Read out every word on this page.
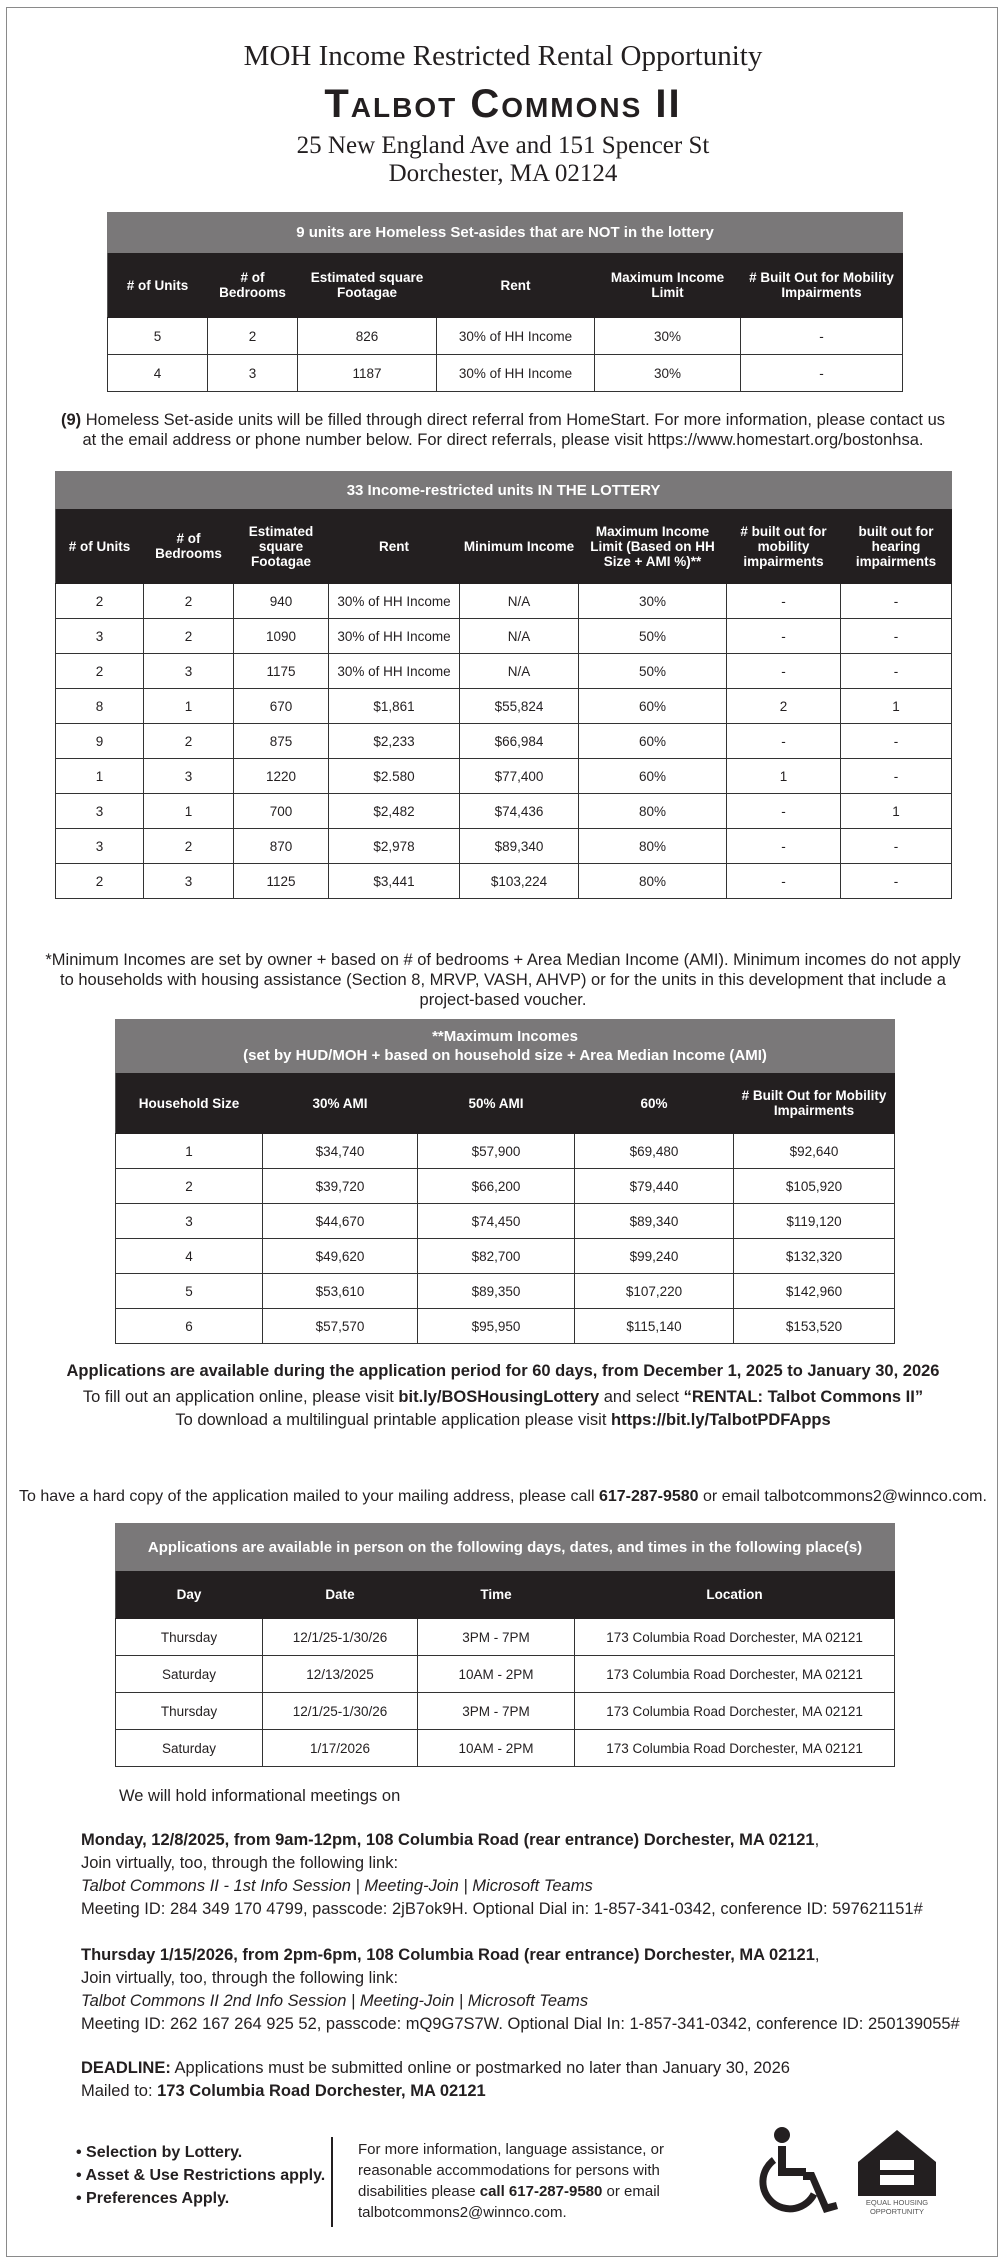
MOH Income Restricted Rental Opportunity
Talbot Commons II
25 New England Ave and 151 Spencer St
Dorchester, MA 02124
9 units are Homeless Set-asides that are NOT in the lottery					
# of Units	# of Bedrooms	Estimated square Footagae	Rent	Maximum Income Limit	# Built Out for Mobility Impairments
5	2	826	30% of HH Income	30%	-
4	3	1187	30% of HH Income	30%	-
(9) Homeless Set-aside units will be filled through direct referral from HomeStart. For more information, please contact us at the email address or phone number below. For direct referrals, please visit https://www.homestart.org/bostonhsa.
33 Income-restricted units IN THE LOTTERY							
# of Units	# of Bedrooms	Estimated square Footagae	Rent	Minimum Income	Maximum Income Limit (Based on HH Size + AMI %)**	# built out for mobility impairments	built out for hearing impairments
2	2	940	30% of HH Income	N/A	30%	-	-
3	2	1090	30% of HH Income	N/A	50%	-	-
2	3	1175	30% of HH Income	N/A	50%	-	-
8	1	670	$1,861	$55,824	60%	2	1
9	2	875	$2,233	$66,984	60%	-	-
1	3	1220	$2.580	$77,400	60%	1	-
3	1	700	$2,482	$74,436	80%	-	1
3	2	870	$2,978	$89,340	80%	-	-
2	3	1125	$3,441	$103,224	80%	-	-
*Minimum Incomes are set by owner + based on # of bedrooms + Area Median Income (AMI). Minimum incomes do not apply to households with housing assistance (Section 8, MRVP, VASH, AHVP) or for the units in this development that include a project-based voucher.
**Maximum Incomes
(set by HUD/MOH + based on household size + Area Median Income (AMI)				

Household Size	30% AMI	50% AMI	60%	# Built Out for Mobility Impairments
1	$34,740	$57,900	$69,480	$92,640
2	$39,720	$66,200	$79,440	$105,920
3	$44,670	$74,450	$89,340	$119,120
4	$49,620	$82,700	$99,240	$132,320
5	$53,610	$89,350	$107,220	$142,960
6	$57,570	$95,950	$115,140	$153,520
Applications are available during the application period for 60 days, from December 1, 2025 to January 30, 2026
To fill out an application online, please visit bit.ly/BOSHousingLottery and select “RENTAL: Talbot Commons II”
To download a multilingual printable application please visit https://bit.ly/TalbotPDFApps
To have a hard copy of the application mailed to your mailing address, please call 617-287-9580 or email talbotcommons2@winnco.com.
Applications are available in person on the following days, dates, and times in the following place(s)			
Day	Date	Time	Location
Thursday	12/1/25-1/30/26	3PM - 7PM	173 Columbia Road Dorchester, MA 02121
Saturday	12/13/2025	10AM - 2PM	173 Columbia Road Dorchester, MA 02121
Thursday	12/1/25-1/30/26	3PM - 7PM	173 Columbia Road Dorchester, MA 02121
Saturday	1/17/2026	10AM - 2PM	173 Columbia Road Dorchester, MA 02121
We will hold informational meetings on
Monday, 12/8/2025, from 9am-12pm, 108 Columbia Road (rear entrance) Dorchester, MA 02121,
Join virtually, too, through the following link:
Talbot Commons II - 1st Info Session | Meeting-Join | Microsoft Teams
Meeting ID: 284 349 170 4799, passcode: 2jB7ok9H. Optional Dial in: 1-857-341-0342, conference ID: 597621151#
Thursday 1/15/2026, from 2pm-6pm, 108 Columbia Road (rear entrance) Dorchester, MA 02121,
Join virtually, too, through the following link:
Talbot Commons II 2nd Info Session | Meeting-Join | Microsoft Teams
Meeting ID: 262 167 264 925 52, passcode: mQ9G7S7W. Optional Dial In: 1-857-341-0342, conference ID: 250139055#
DEADLINE: Applications must be submitted online or postmarked no later than January 30, 2026
Mailed to: 173 Columbia Road Dorchester, MA 02121
• Selection by Lottery.
• Asset & Use Restrictions apply.
• Preferences Apply.
For more information, language assistance, or reasonable accommodations for persons with disabilities please call 617-287-9580 or email talbotcommons2@winnco.com.
EQUAL HOUSING
OPPORTUNITY
